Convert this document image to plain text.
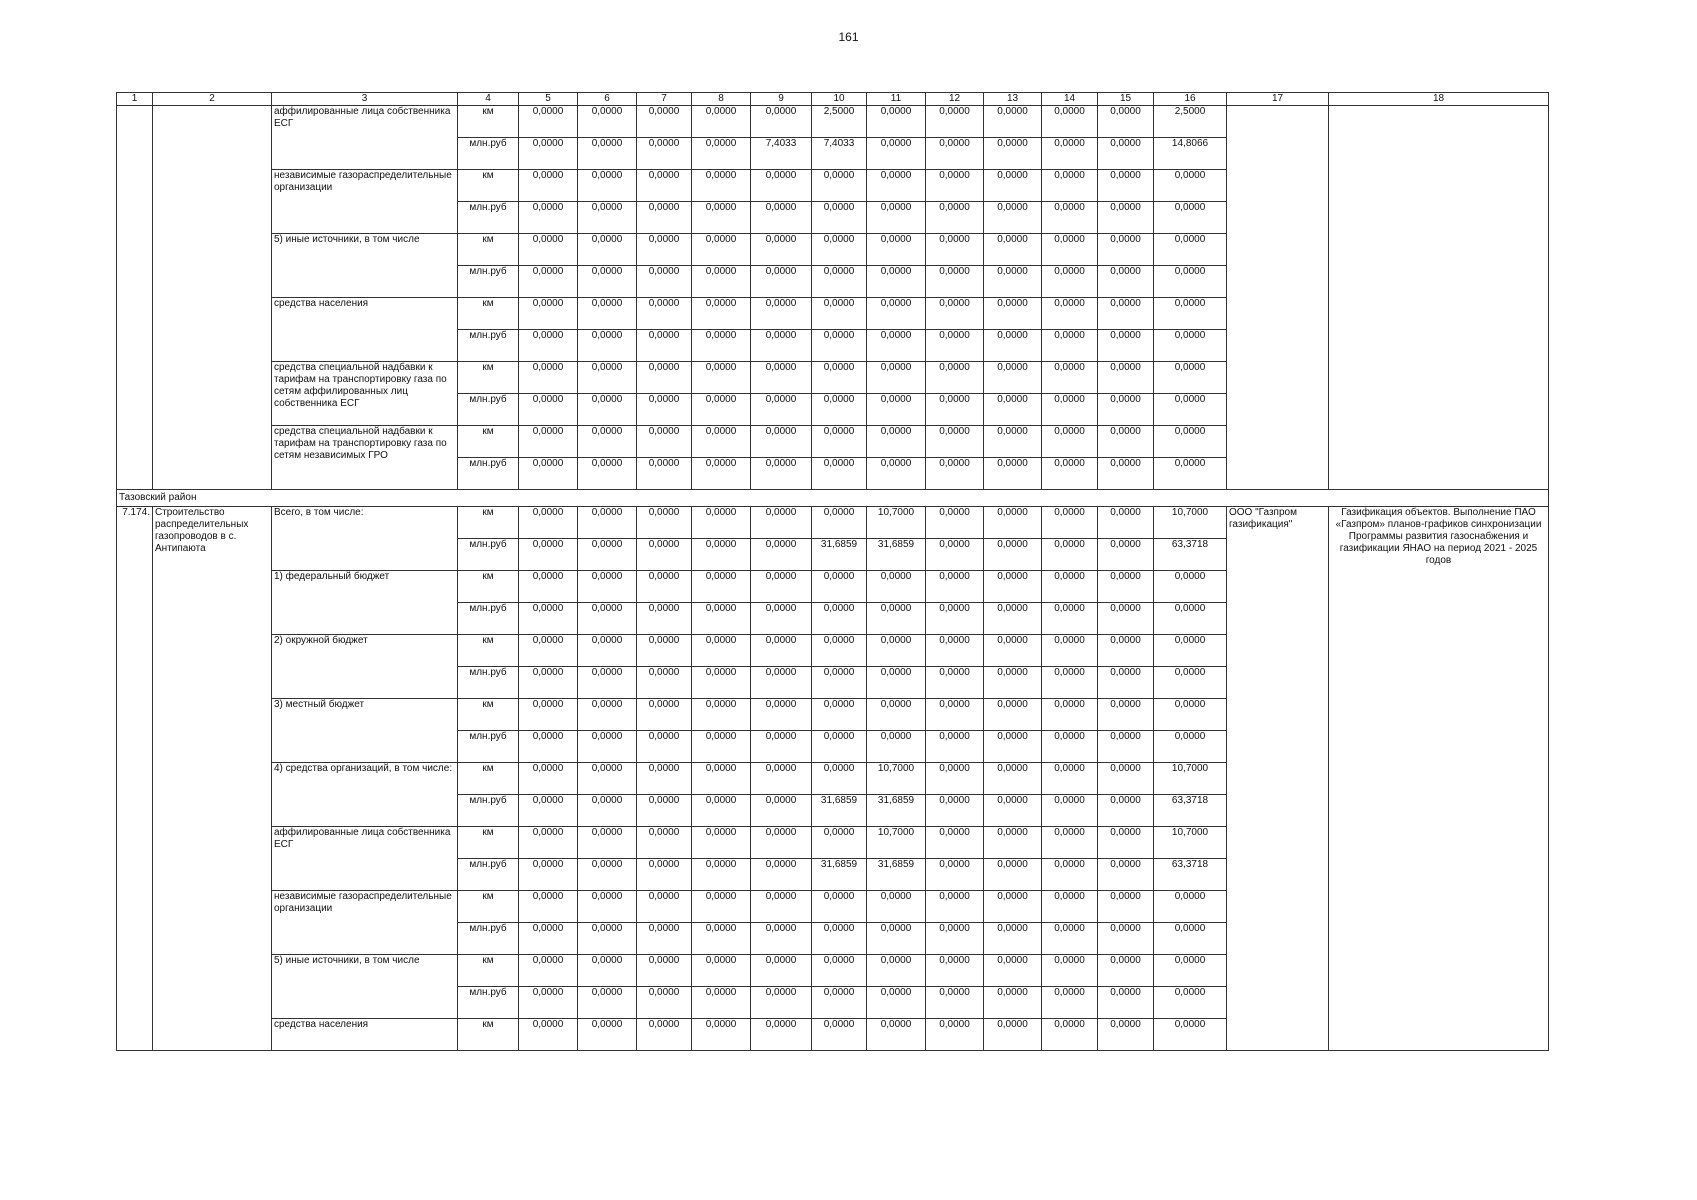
161
1	2	3	4	5	6	7	8	9	10	11	12	13	14	15	16	17	18
		аффилированные лица собственника ЕСГ	км	0,0000	0,0000	0,0000	0,0000	0,0000	2,5000	0,0000	0,0000	0,0000	0,0000	0,0000	2,5000		
			млн.руб	0,0000	0,0000	0,0000	0,0000	7,4033	7,4033	0,0000	0,0000	0,0000	0,0000	0,0000	14,8066		
		независимые газораспределительные организации	км	0,0000	0,0000	0,0000	0,0000	0,0000	0,0000	0,0000	0,0000	0,0000	0,0000	0,0000	0,0000		
			млн.руб	0,0000	0,0000	0,0000	0,0000	0,0000	0,0000	0,0000	0,0000	0,0000	0,0000	0,0000	0,0000		
		5) иные источники, в том числе	км	0,0000	0,0000	0,0000	0,0000	0,0000	0,0000	0,0000	0,0000	0,0000	0,0000	0,0000	0,0000		
			млн.руб	0,0000	0,0000	0,0000	0,0000	0,0000	0,0000	0,0000	0,0000	0,0000	0,0000	0,0000	0,0000		
		средства населения	км	0,0000	0,0000	0,0000	0,0000	0,0000	0,0000	0,0000	0,0000	0,0000	0,0000	0,0000	0,0000		
			млн.руб	0,0000	0,0000	0,0000	0,0000	0,0000	0,0000	0,0000	0,0000	0,0000	0,0000	0,0000	0,0000		
		средства специальной надбавки к тарифам на транспортировку газа по сетям аффилированных лиц собственника ЕСГ	км	0,0000	0,0000	0,0000	0,0000	0,0000	0,0000	0,0000	0,0000	0,0000	0,0000	0,0000	0,0000		
			млн.руб	0,0000	0,0000	0,0000	0,0000	0,0000	0,0000	0,0000	0,0000	0,0000	0,0000	0,0000	0,0000		
		средства специальной надбавки к тарифам на транспортировку газа по сетям независимых ГРО	км	0,0000	0,0000	0,0000	0,0000	0,0000	0,0000	0,0000	0,0000	0,0000	0,0000	0,0000	0,0000		
			млн.руб	0,0000	0,0000	0,0000	0,0000	0,0000	0,0000	0,0000	0,0000	0,0000	0,0000	0,0000	0,0000		
Тазовский район																	
7.174.	Строительство распределительных газопроводов в с. Антипаюта	Всего, в том числе:	км	0,0000	0,0000	0,0000	0,0000	0,0000	0,0000	10,7000	0,0000	0,0000	0,0000	0,0000	10,7000	ООО "Газпром газификация"	Газификация объектов. Выполнение ПАО «Газпром» планов-графиков синхронизации Программы развития газоснабжения и газификации ЯНАО на период 2021 - 2025 годов
			млн.руб	0,0000	0,0000	0,0000	0,0000	0,0000	31,6859	31,6859	0,0000	0,0000	0,0000	0,0000	63,3718		
		1) федеральный бюджет	км	0,0000	0,0000	0,0000	0,0000	0,0000	0,0000	0,0000	0,0000	0,0000	0,0000	0,0000	0,0000		
			млн.руб	0,0000	0,0000	0,0000	0,0000	0,0000	0,0000	0,0000	0,0000	0,0000	0,0000	0,0000	0,0000		
		2) окружной бюджет	км	0,0000	0,0000	0,0000	0,0000	0,0000	0,0000	0,0000	0,0000	0,0000	0,0000	0,0000	0,0000		
			млн.руб	0,0000	0,0000	0,0000	0,0000	0,0000	0,0000	0,0000	0,0000	0,0000	0,0000	0,0000	0,0000		
		3) местный бюджет	км	0,0000	0,0000	0,0000	0,0000	0,0000	0,0000	0,0000	0,0000	0,0000	0,0000	0,0000	0,0000		
			млн.руб	0,0000	0,0000	0,0000	0,0000	0,0000	0,0000	0,0000	0,0000	0,0000	0,0000	0,0000	0,0000		
		4) средства организаций, в том числе:	км	0,0000	0,0000	0,0000	0,0000	0,0000	0,0000	10,7000	0,0000	0,0000	0,0000	0,0000	10,7000		
			млн.руб	0,0000	0,0000	0,0000	0,0000	0,0000	31,6859	31,6859	0,0000	0,0000	0,0000	0,0000	63,3718		
		аффилированные лица собственника ЕСГ	км	0,0000	0,0000	0,0000	0,0000	0,0000	0,0000	10,7000	0,0000	0,0000	0,0000	0,0000	10,7000		
			млн.руб	0,0000	0,0000	0,0000	0,0000	0,0000	31,6859	31,6859	0,0000	0,0000	0,0000	0,0000	63,3718		
		независимые газораспределительные организации	км	0,0000	0,0000	0,0000	0,0000	0,0000	0,0000	0,0000	0,0000	0,0000	0,0000	0,0000	0,0000		
			млн.руб	0,0000	0,0000	0,0000	0,0000	0,0000	0,0000	0,0000	0,0000	0,0000	0,0000	0,0000	0,0000		
		5) иные источники, в том числе	км	0,0000	0,0000	0,0000	0,0000	0,0000	0,0000	0,0000	0,0000	0,0000	0,0000	0,0000	0,0000		
			млн.руб	0,0000	0,0000	0,0000	0,0000	0,0000	0,0000	0,0000	0,0000	0,0000	0,0000	0,0000	0,0000		
		средства населения	км	0,0000	0,0000	0,0000	0,0000	0,0000	0,0000	0,0000	0,0000	0,0000	0,0000	0,0000	0,0000		
